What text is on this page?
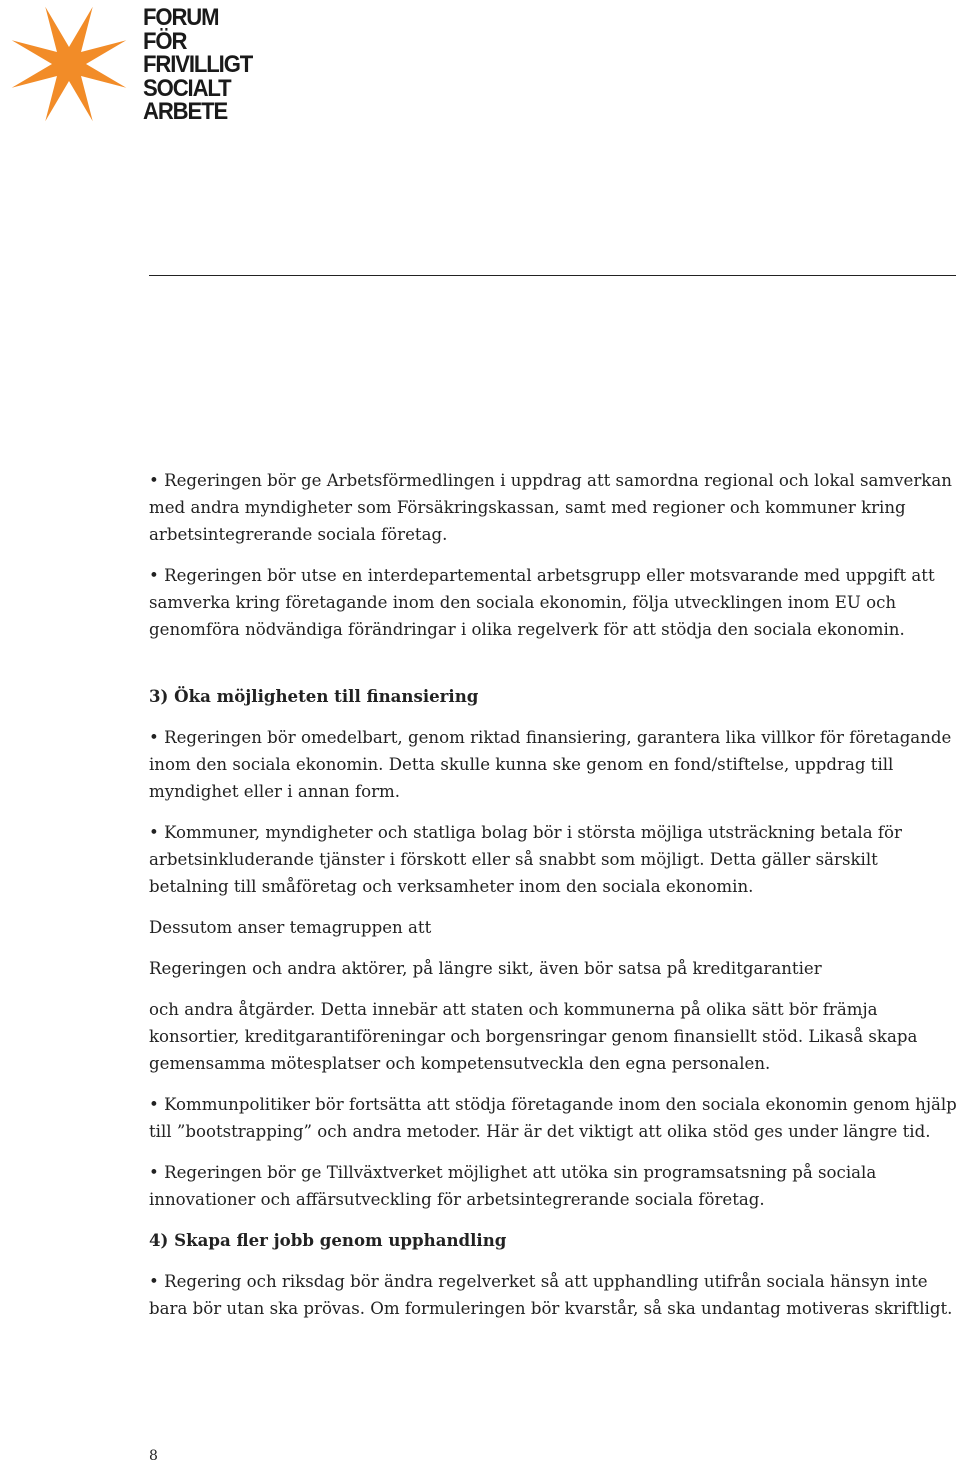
FORUM
FÖR
FRIVILLIGT
SOCIALT
ARBETE

• Regeringen bör ge Arbetsförmedlingen i uppdrag att samordna regional och lokal samverkan med andra myndigheter som Försäkringskassan, samt med regioner och kommuner kring arbetsintegrerande sociala företag.

• Regeringen bör utse en interdepartemental arbetsgrupp eller motsvarande med uppgift att samverka kring företagande inom den sociala ekonomin, följa utvecklingen inom EU och genomföra nödvändiga förändringar i olika regelverk för att stödja den sociala ekonomin.

3) Öka möjligheten till finansiering

• Regeringen bör omedelbart, genom riktad finansiering, garantera lika villkor för företagande inom den sociala ekonomin. Detta skulle kunna ske genom en fond/stiftelse, uppdrag till myndighet eller i annan form.

• Kommuner, myndigheter och statliga bolag bör i största möjliga utsträckning betala för arbetsinkluderande tjänster i förskott eller så snabbt som möjligt. Detta gäller särskilt betalning till småföretag och verksamheter inom den sociala ekonomin.

Dessutom anser temagruppen att

Regeringen och andra aktörer, på längre sikt, även bör satsa på kreditgarantier

och andra åtgärder. Detta innebär att staten och kommunerna på olika sätt bör främja konsortier, kreditgarantiföreningar och borgensringar genom finansiellt stöd. Likaså skapa gemensamma mötesplatser och kompetensutveckla den egna personalen.

• Kommunpolitiker bör fortsätta att stödja företagande inom den sociala ekonomin genom hjälp till ”bootstrapping” och andra metoder. Här är det viktigt att olika stöd ges under längre tid.

• Regeringen bör ge Tillväxtverket möjlighet att utöka sin programsatsning på sociala innovationer och affärsutveckling för arbetsintegrerande sociala företag.

4) Skapa fler jobb genom upphandling

• Regering och riksdag bör ändra regelverket så att upphandling utifrån sociala hänsyn inte bara bör utan ska prövas. Om formuleringen bör kvarstår, så ska undantag motiveras skriftligt.

8
